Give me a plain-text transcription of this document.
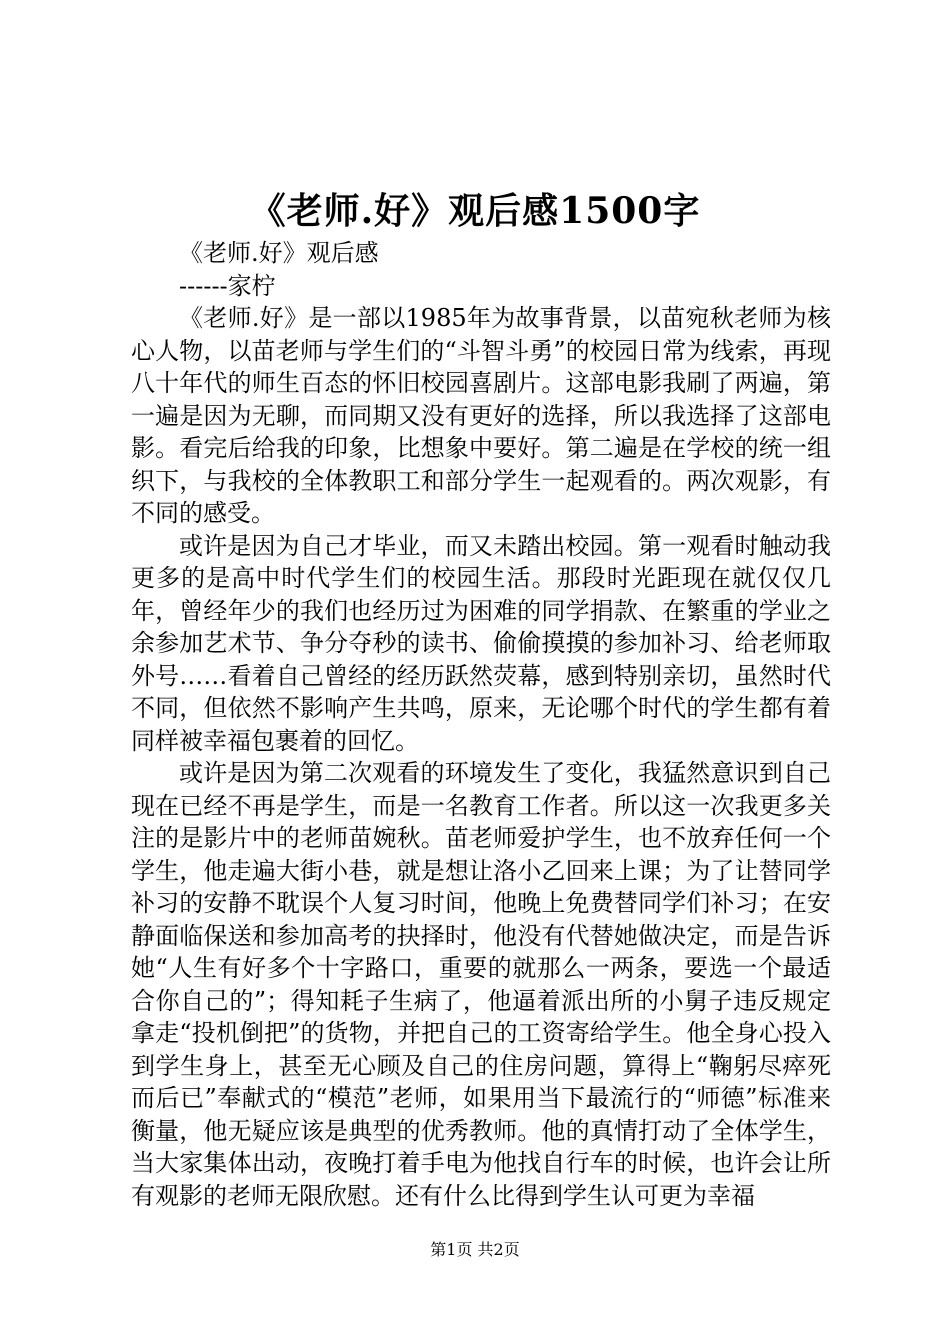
《老师.好》观后感1500字

《老师.好》观后感

------家柠

《老师.好》是一部以1985年为故事背景，以苗宛秋老师为核心人物，以苗老师与学生们的“斗智斗勇”的校园日常为线索，再现八十年代的师生百态的怀旧校园喜剧片。这部电影我刷了两遍，第一遍是因为无聊，而同期又没有更好的选择，所以我选择了这部电影。看完后给我的印象，比想象中要好。第二遍是在学校的统一组织下，与我校的全体教职工和部分学生一起观看的。两次观影，有不同的感受。

或许是因为自己才毕业，而又未踏出校园。第一观看时触动我更多的是高中时代学生们的校园生活。那段时光距现在就仅仅几年，曾经年少的我们也经历过为困难的同学捐款、在繁重的学业之余参加艺术节、争分夺秒的读书、偷偷摸摸的参加补习、给老师取外号……看着自己曾经的经历跃然荧幕，感到特别亲切，虽然时代不同，但依然不影响产生共鸣，原来，无论哪个时代的学生都有着同样被幸福包裹着的回忆。

或许是因为第二次观看的环境发生了变化，我猛然意识到自己现在已经不再是学生，而是一名教育工作者。所以这一次我更多关注的是影片中的老师苗婉秋。苗老师爱护学生，也不放弃任何一个学生，他走遍大街小巷，就是想让洛小乙回来上课；为了让替同学补习的安静不耽误个人复习时间，他晚上免费替同学们补习；在安静面临保送和参加高考的抉择时，他没有代替她做决定，而是告诉她“人生有好多个十字路口，重要的就那么一两条，要选一个最适合你自己的”；得知耗子生病了，他逼着派出所的小舅子违反规定拿走“投机倒把”的货物，并把自己的工资寄给学生。他全身心投入到学生身上，甚至无心顾及自己的住房问题，算得上“鞠躬尽瘁死而后已”奉献式的“模范”老师，如果用当下最流行的“师德”标准来衡量，他无疑应该是典型的优秀教师。他的真情打动了全体学生，当大家集体出动，夜晚打着手电为他找自行车的时候，也许会让所有观影的老师无限欣慰。还有什么比得到学生认可更为幸福

第1页 共2页
